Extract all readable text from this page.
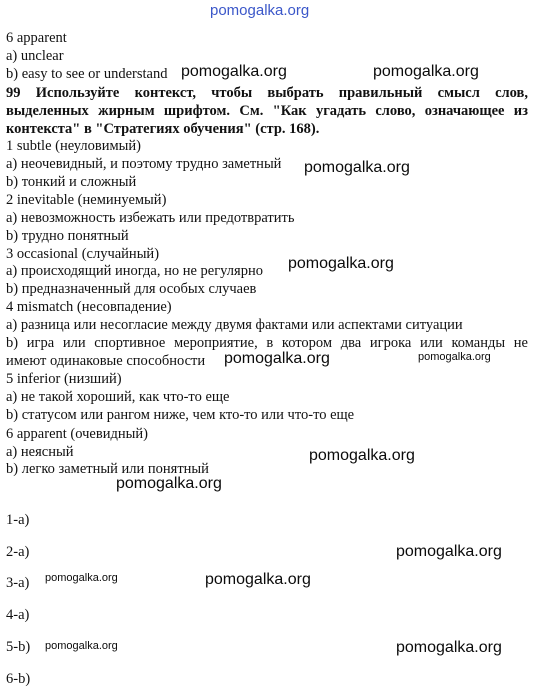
pomogalka.org
6 apparent
a) unclear
b) easy to see or understand pomogalka.org	pomogalka.org
99 Используйте контекст, чтобы выбрать правильный смысл слов,
выделенных жирным шрифтом. См. "Как угадать слово, означающее из
контекста" в "Стратегиях обучения" (стр. 168).
1 subtle (неуловимый)
a) неочевидный, и поэтому трудно заметный pomogalka.org
b) тонкий и сложный
2 inevitable (неминуемый)
a) невозможность избежать или предотвратить
b) трудно понятный
3 occasional (случайный)
a) происходящий иногда, но не регулярно pomogalka.org
b) предназначенный для особых случаев
4 mismatch (несовпадение)
a) разница или несогласие между двумя фактами или аспектами ситуации
b) игра или спортивное мероприятие, в котором два игрока или команды не
имеют одинаковые способности pomogalka.org	pomogalka.org
5 inferior (низший)
a) не такой хороший, как что-то еще
b) статусом или рангом ниже, чем кто-то или что-то еще
6 apparent (очевидный)
a) неясный	pomogalka.org
b) легко заметный или понятный
pomogalka.org
1-a)
2-a)	pomogalka.org
3-a) pomogalka.org	pomogalka.org
4-a)
5-b) pomogalka.org	pomogalka.org
6-b)
